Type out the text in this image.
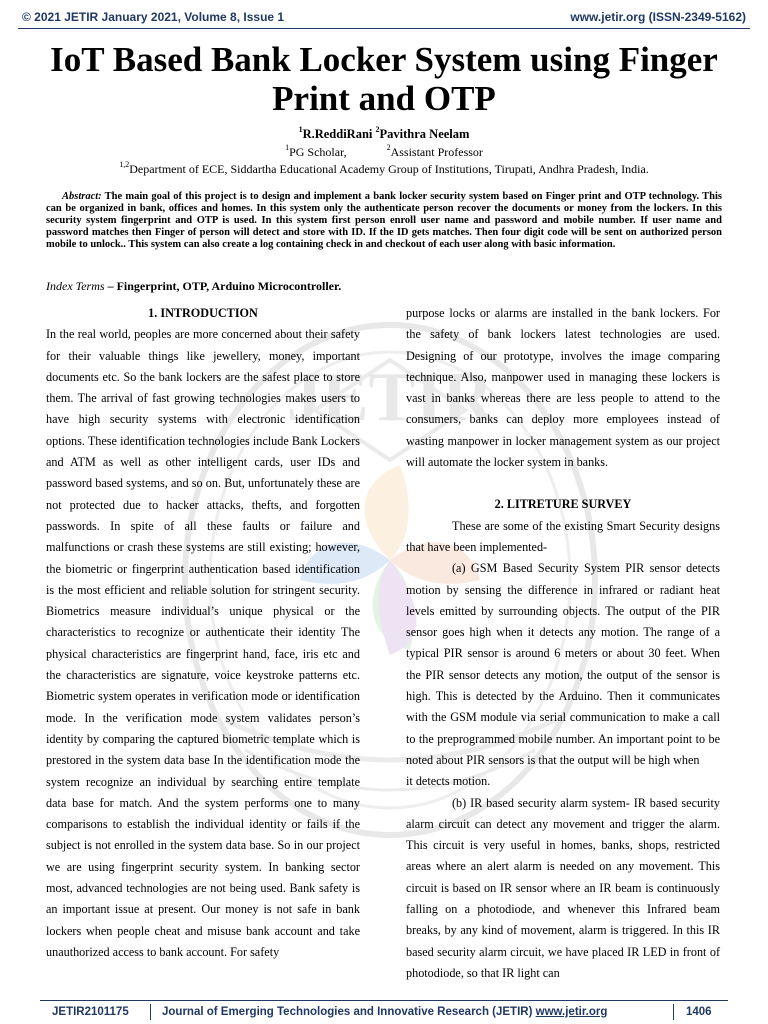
© 2021 JETIR January 2021, Volume 8, Issue 1	www.jetir.org (ISSN-2349-5162)
JETIR
IoT Based Bank Locker System using Finger Print and OTP
$^1$R.ReddiRani $^2$Pavithra Neelam
$^1$PG Scholar,	$^2$Assistant Professor
$^{1,2}$Department of ECE, Siddartha Educational Academy Group of Institutions, Tirupati, Andhra Pradesh, India.
Abstract: The main goal of this project is to design and implement a bank locker security system based on Finger print and OTP technology. This can be organized in bank, offices and homes. In this system only the authenticate person recover the documents or money from the lockers. In this security system fingerprint and OTP is used. In this system first person enroll user name and password and mobile number. If user name and password matches then Finger of person will detect and store with ID. If the ID gets matches. Then four digit code will be sent on authorized person mobile to unlock.. This system can also create a log containing check in and checkout of each user along with basic information.
Index Terms – Fingerprint, OTP, Arduino Microcontroller.

1. INTRODUCTION

In the real world, peoples are more concerned about their safety for their valuable things like jewellery, money, important documents etc. So the bank lockers are the safest place to store them. The arrival of fast growing technologies makes users to have high security systems with electronic identification options. These identification technologies include Bank Lockers and ATM as well as other intelligent cards, user IDs and password based systems, and so on. But, unfortunately these are not protected due to hacker attacks, thefts, and forgotten passwords. In spite of all these faults or failure and malfunctions or crash these systems are still existing; however, the biometric or fingerprint authentication based identification is the most efficient and reliable solution for stringent security. Biometrics measure individual’s unique physical or the characteristics to recognize or authenticate their identity The physical characteristics are fingerprint hand, face, iris etc and the characteristics are signature, voice keystroke patterns etc. Biometric system operates in verification mode or identification mode. In the verification mode system validates person’s identity by comparing the captured biometric template which is prestored in the system data base In the identification mode the system recognize an individual by searching entire template data base for match. And the system performs one to many comparisons to establish the individual identity or fails if the subject is not enrolled in the system data base. So in our project we are using fingerprint security system. In banking sector most, advanced technologies are not being used. Bank safety is an important issue at present. Our money is not safe in bank lockers when people cheat and misuse bank account and take unauthorized access to bank account. For safety

purpose locks or alarms are installed in the bank lockers. For the safety of bank lockers latest technologies are used. Designing of our prototype, involves the image comparing technique. Also, manpower used in managing these lockers is vast in banks whereas there are less people to attend to the consumers, banks can deploy more employees instead of wasting manpower in locker management system as our project will automate the locker system in banks.

2. LITRETURE SURVEY

These are some of the existing Smart Security designs that have been implemented-

(a) GSM Based Security System PIR sensor detects motion by sensing the difference in infrared or radiant heat levels emitted by surrounding objects. The output of the PIR sensor goes high when it detects any motion. The range of a typical PIR sensor is around 6 meters or about 30 feet. When the PIR sensor detects any motion, the output of the sensor is high. This is detected by the Arduino. Then it communicates with the GSM module via serial communication to make a call to the preprogrammed mobile number. An important point to be noted about PIR sensors is that the output will be high when

it detects motion.

(b) IR based security alarm system- IR based security alarm circuit can detect any movement and trigger the alarm. This circuit is very useful in homes, banks, shops, restricted areas where an alert alarm is needed on any movement. This circuit is based on IR sensor where an IR beam is continuously falling on a photodiode, and whenever this Infrared beam breaks, by any kind of movement, alarm is triggered. In this IR based security alarm circuit, we have placed IR LED in front of photodiode, so that IR light can

JETIR2101175	Journal of Emerging Technologies and Innovative Research (JETIR) www.jetir.org	1406
